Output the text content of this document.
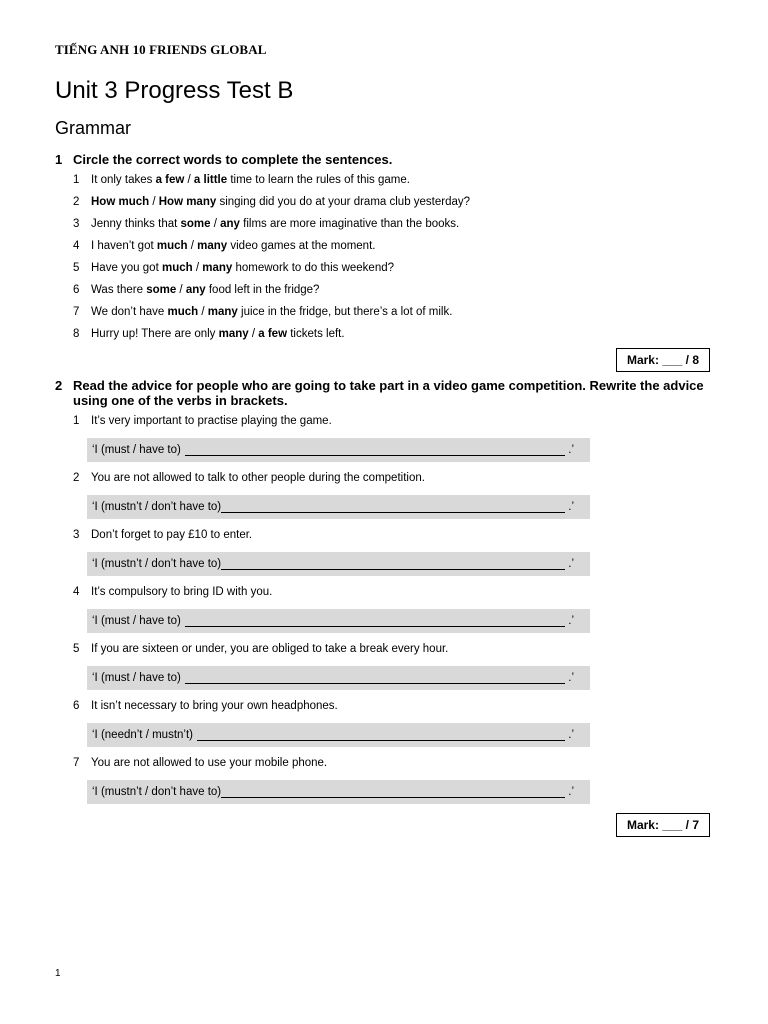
TIẾNG ANH 10 FRIENDS GLOBAL
Unit 3 Progress Test B
Grammar
1 Circle the correct words to complete the sentences.
1 It only takes a few / a little time to learn the rules of this game.
2 How much / How many singing did you do at your drama club yesterday?
3 Jenny thinks that some / any films are more imaginative than the books.
4 I haven’t got much / many video games at the moment.
5 Have you got much / many homework to do this weekend?
6 Was there some / any food left in the fridge?
7 We don’t have much / many juice in the fridge, but there’s a lot of milk.
8 Hurry up! There are only many / a few tickets left.
Mark: ___ / 8
2 Read the advice for people who are going to take part in a video game competition. Rewrite the advice using one of the verbs in brackets.
1 It’s very important to practise playing the game.
‘I (must / have to)	.’
2 You are not allowed to talk to other people during the competition.
‘I (mustn’t / don’t have to)	.’
3 Don’t forget to pay £10 to enter.
‘I (mustn’t / don’t have to)	.’
4 It’s compulsory to bring ID with you.
‘I (must / have to)	.’
5 If you are sixteen or under, you are obliged to take a break every hour.
‘I (must / have to)	.’
6 It isn’t necessary to bring your own headphones.
‘I (needn’t / mustn’t)	.’
7 You are not allowed to use your mobile phone.
‘I (mustn’t / don’t have to)	.’
Mark: ___ / 7
1
